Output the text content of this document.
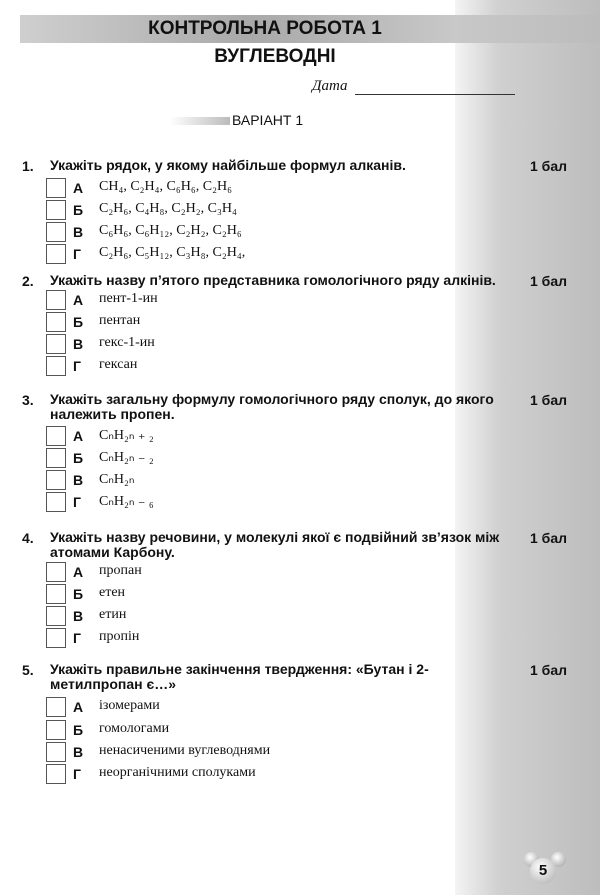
КОНТРОЛЬНА РОБОТА 1
ВУГЛЕВОДНІ
Дата
ВАРІАНТ 1
1. Укажіть рядок, у якому найбільше формул алканів.	1 бал
А CH₄, C₂H₄, C₆H₆, C₂H₆
Б C₂H₆, C₄H₈, C₂H₂, C₃H₄
В C₆H₆, C₆H₁₂, C₂H₂, C₂H₆
Г C₂H₆, C₅H₁₂, C₃H₈, C₂H₄,
2. Укажіть назву п’ятого представника гомологічного ряду алкінів.	1 бал
А пент-1-ин
Б пентан
В гекс-1-ин
Г гексан
3. Укажіть загальну формулу гомологічного ряду сполук, до якого належить пропен.
1 бал
А CₙH₂ₙ ₊ ₂
Б CₙH₂ₙ ₋ ₂
В CₙH₂ₙ
Г CₙH₂ₙ ₋ ₆
4. Укажіть назву речовини, у молекулі якої є подвійний зв’язок між атомами Карбону.
1 бал
А пропан
Б етен
В етин
Г пропін
5. Укажіть правильне закінчення твердження: «Бутан і 2-метилпропан є…»
1 бал
А ізомерами
Б гомологами
В ненасиченими вуглеводнями
Г неорганічними сполуками
5
